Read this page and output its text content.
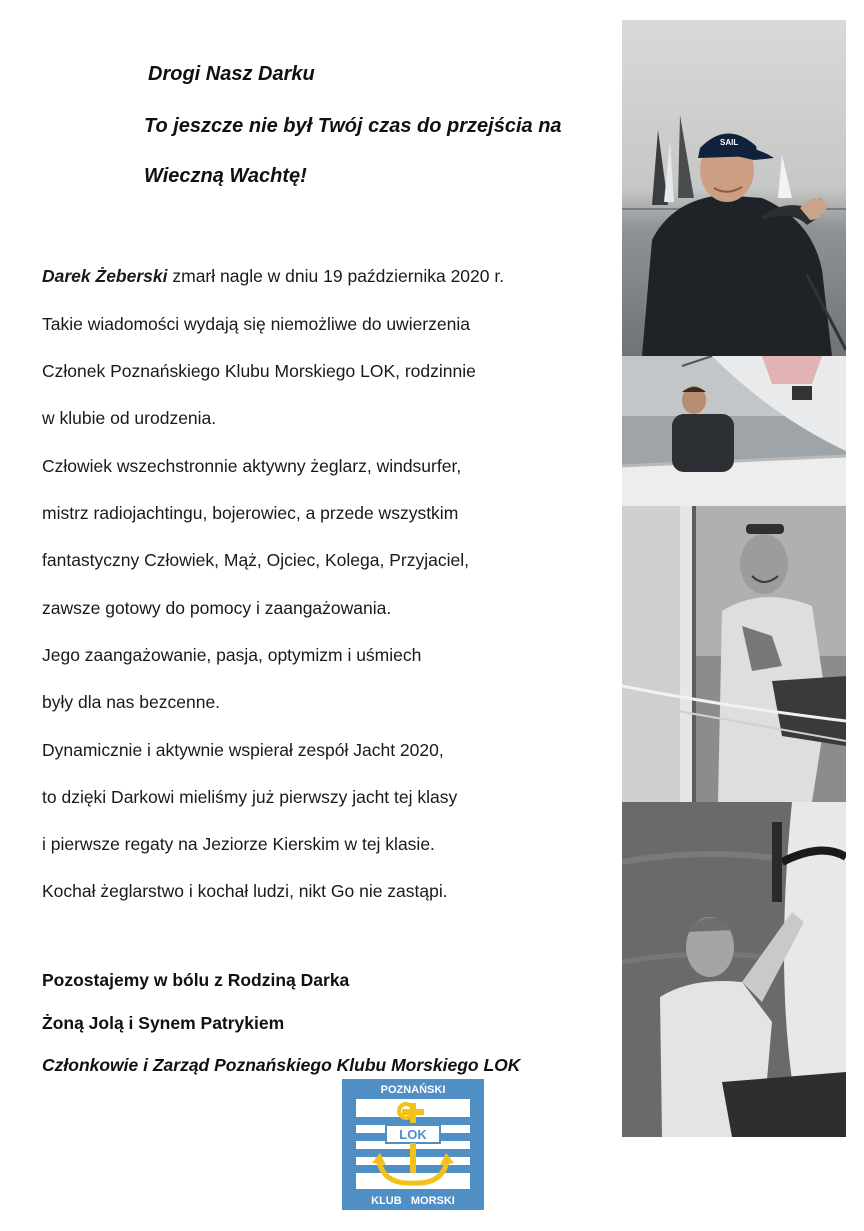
Drogi Nasz Darku
To jeszcze nie był Twój czas do przejścia na
Wieczną Wachtę!
Darek Żeberski zmarł nagle w dniu 19 października 2020 r.
Takie wiadomości wydają się niemożliwe do uwierzenia
Członek Poznańskiego Klubu Morskiego LOK, rodzinnie
w klubie od urodzenia.
Człowiek wszechstronnie aktywny żeglarz, windsurfer,
mistrz radiojachtingu, bojerowiec, a przede wszystkim
fantastyczny Człowiek, Mąż, Ojciec, Kolega, Przyjaciel,
zawsze gotowy do pomocy i zaangażowania.
Jego zaangażowanie, pasja, optymizm i uśmiech
były dla nas bezcenne.
Dynamicznie i aktywnie wspierał zespół Jacht 2020,
to dzięki Darkowi mieliśmy już pierwszy jacht tej klasy
i pierwsze regaty na Jeziorze Kierskim w tej klasie.
Kochał żeglarstwo i kochał ludzi, nikt Go nie zastąpi.
Pozostajemy w bólu z Rodziną Darka
Żoną Jolą i Synem Patrykiem
Członkowie i Zarząd Poznańskiego Klubu Morskiego LOK
SAIL
POZNAŃSKI
LOK
KLUB   MORSKI
